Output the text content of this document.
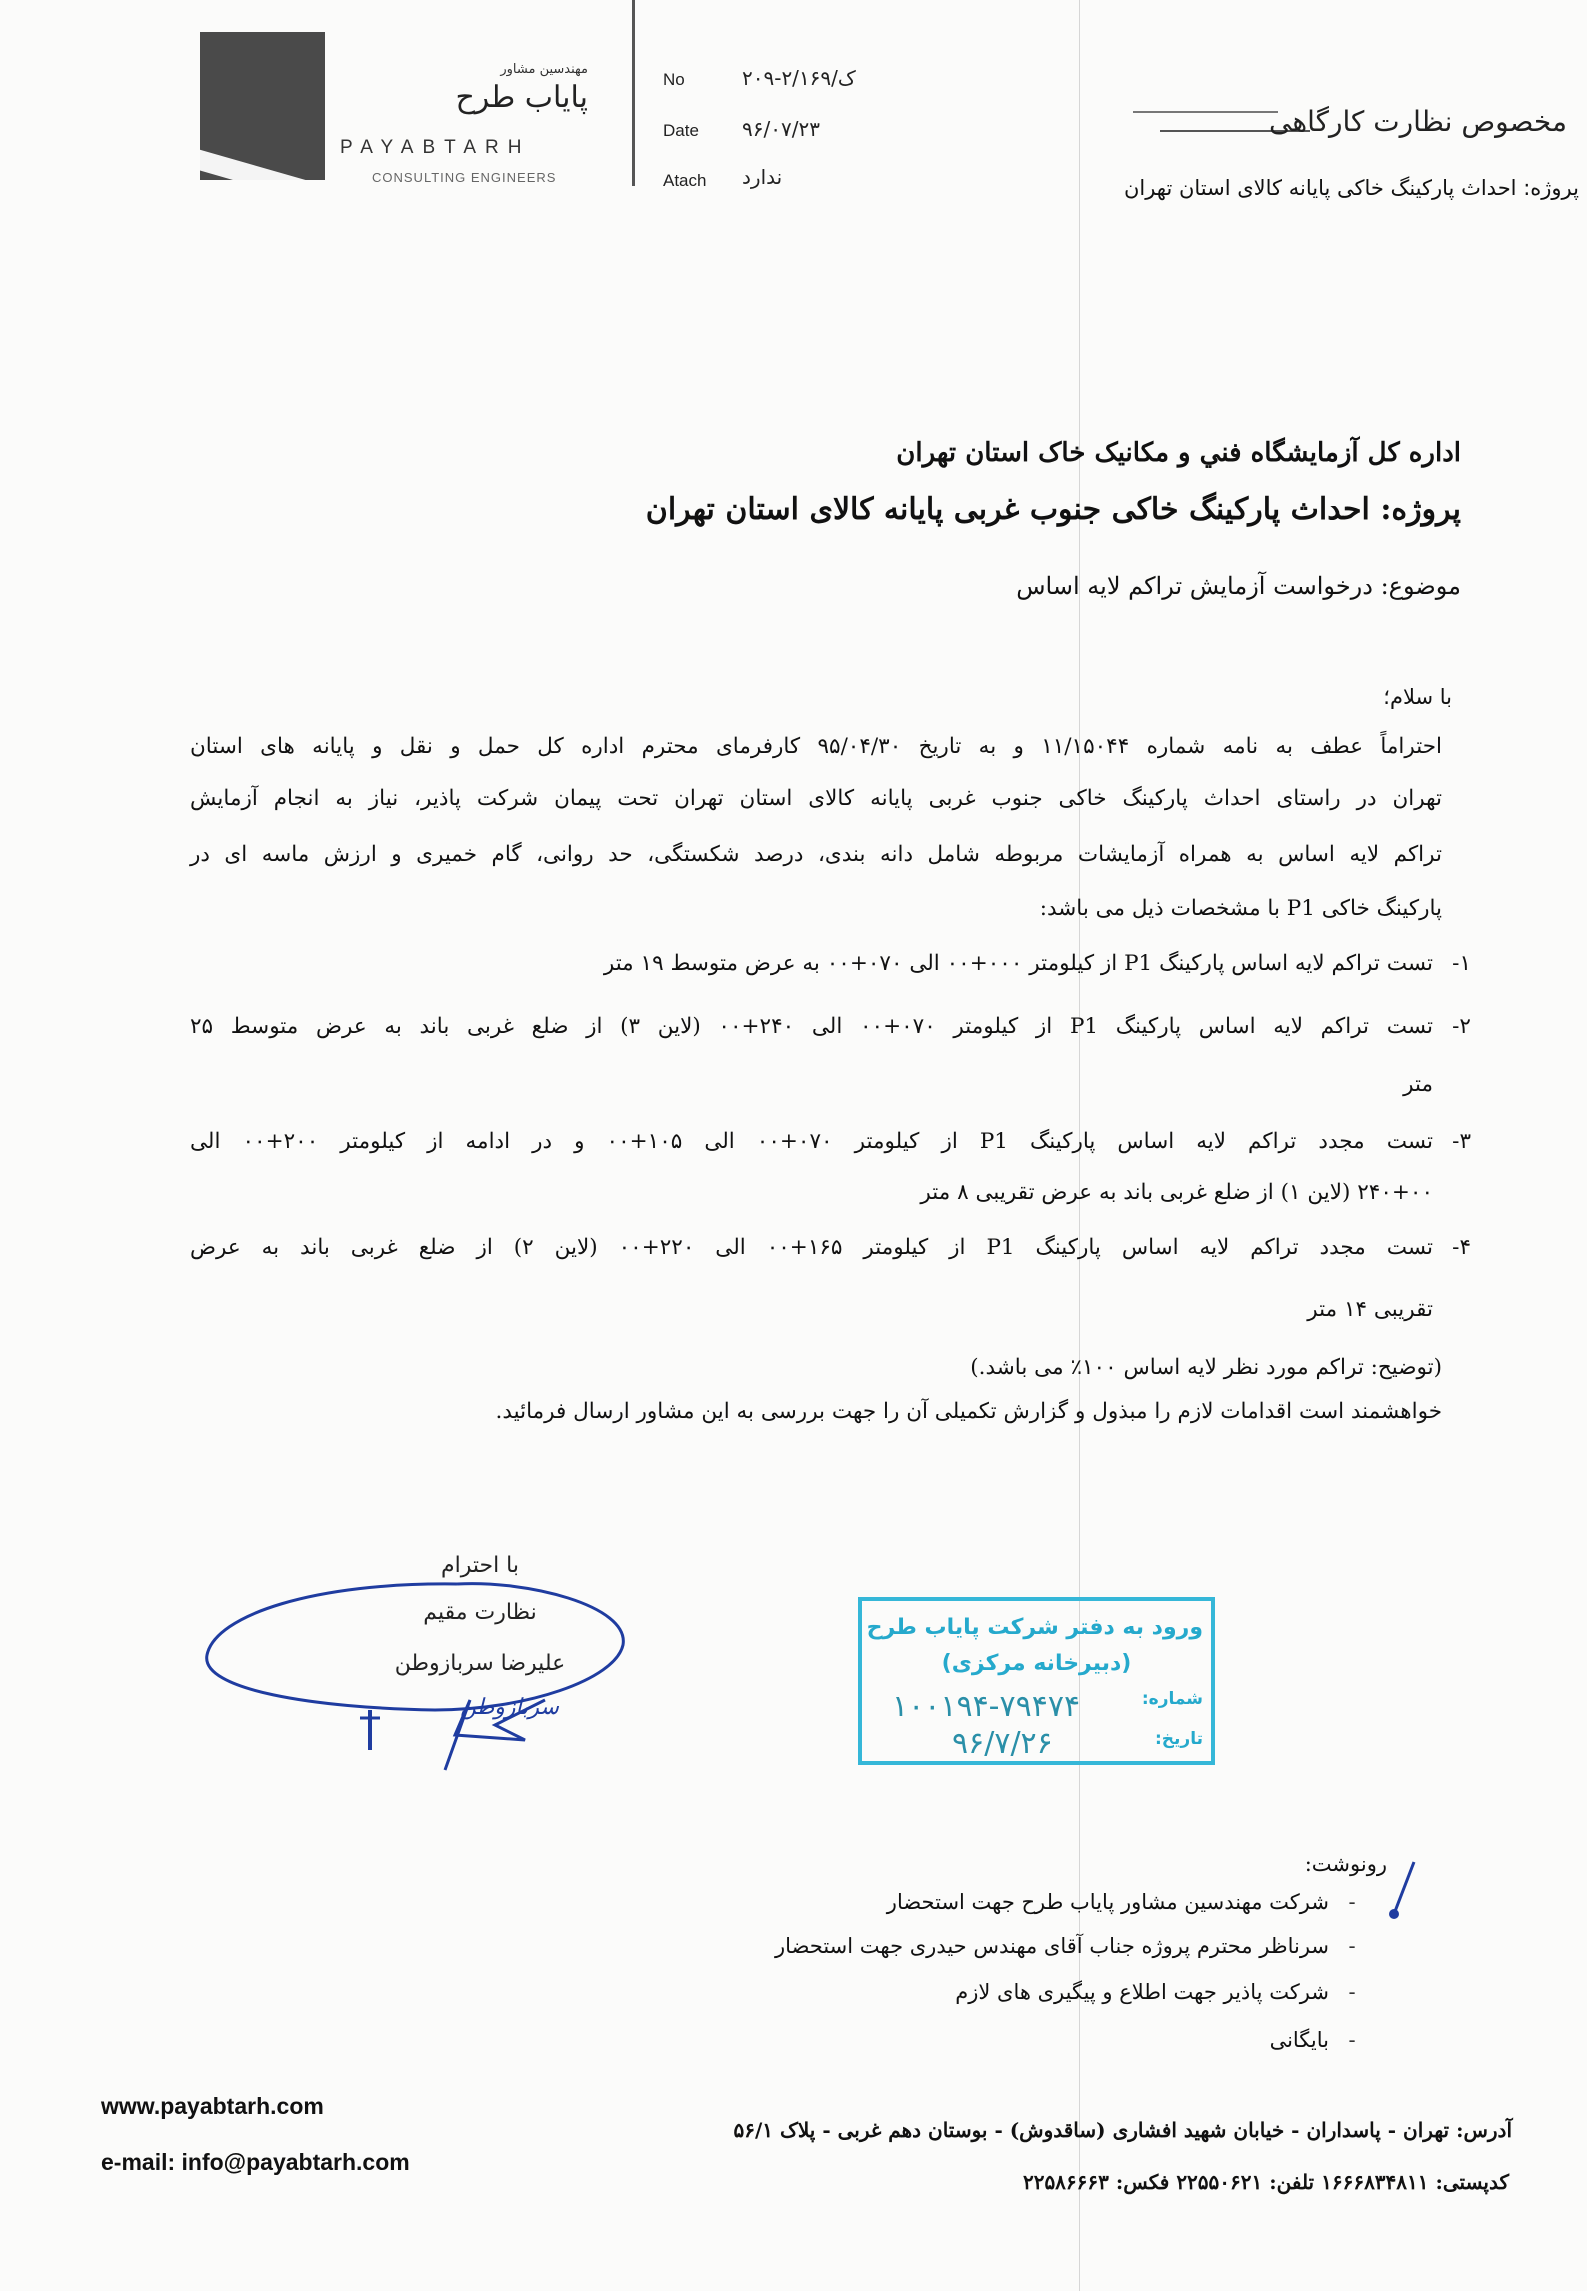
مهندسین مشاور
پایاب طرح
PAYABTARH
CONSULTING ENGINEERS
No	۲۰۹-۲/ک/۱۶۹
Date ۹۶/۰۷/۲۳
Atach ندارد
مخصوص نظارت کارگاهی
پروژه: احداث پارکینگ خاکی پایانه کالای استان تهران
اداره کل آزمایشگاه فني و مکانیک خاک استان تهران
پروژه: احداث پارکینگ خاکی جنوب غربی پایانه کالای استان تهران
موضوع: درخواست آزمایش تراکم لایه اساس
با سلام؛
احتراماً عطف به نامه شماره ۱۱/۱۵۰۴۴ و به تاریخ ۹۵/۰۴/۳۰ کارفرمای محترم اداره کل حمل و نقل و پایانه های استان
تهران در راستای احداث پارکینگ خاکی جنوب غربی پایانه کالای استان تهران تحت پیمان شرکت پاذیر، نیاز به انجام آزمایش
تراکم لایه اساس به همراه آزمایشات مربوطه شامل دانه بندی، درصد شکستگی، حد روانی، گام خمیری و ارزش ماسه ای در
پارکینگ خاکی P1 با مشخصات ذیل می باشد:
۱-تست تراکم لایه اساس پارکینگ P1 از کیلومتر ۰۰۰+۰۰ الی ۰۷۰+۰۰ به عرض متوسط ۱۹ متر
۲-تست تراکم لایه اساس پارکینگ P1 از کیلومتر ۰۷۰+۰۰ الی ۲۴۰+۰۰ (لاین ۳) از ضلع غربی باند به عرض متوسط ۲۵
متر
۳-تست مجدد تراکم لایه اساس پارکینگ P1 از کیلومتر ۰۷۰+۰۰ الی ۱۰۵+۰۰ و در ادامه از کیلومتر ۲۰۰+۰۰ الی
۲۴۰+۰۰ (لاین ۱) از ضلع غربی باند به عرض تقریبی ۸ متر
۴-تست مجدد تراکم لایه اساس پارکینگ P1 از کیلومتر ۱۶۵+۰۰ الی ۲۲۰+۰۰ (لاین ۲) از ضلع غربی باند به عرض
تقریبی ۱۴ متر
(توضیح: تراکم مورد نظر لایه اساس ۱۰۰٪ می باشد.)
خواهشمند است اقدامات لازم را مبذول و گزارش تکمیلی آن را جهت بررسی به این مشاور ارسال فرمائید.
با احترام
نظارت مقیم
علیرضا سربازوطن
سربازوطن
ورود به دفتر شرکت پایاب طرح
(دبیرخانه مرکزی)
شماره:
تاریخ:
۱۰۰۱۹۴-۷۹۴۷۴
۹۶/۷/۲۶
رونوشت:
-شرکت مهندسین مشاور پایاب طرح جهت استحضار
-سرناظر محترم پروژه جناب آقای مهندس حیدری جهت استحضار
-شرکت پاذیر جهت اطلاع و پیگیری های لازم
-بایگانی
www.payabtarh.com
e-mail: info@payabtarh.com
آدرس: تهران - پاسداران - خیابان شهید افشاری (ساقدوش) - بوستان دهم غربی - پلاک ۵۶/۱
کدپستی: ۱۶۶۶۸۳۴۸۱۱ تلفن: ۲۲۵۵۰۶۲۱ فکس: ۲۲۵۸۶۶۶۳
